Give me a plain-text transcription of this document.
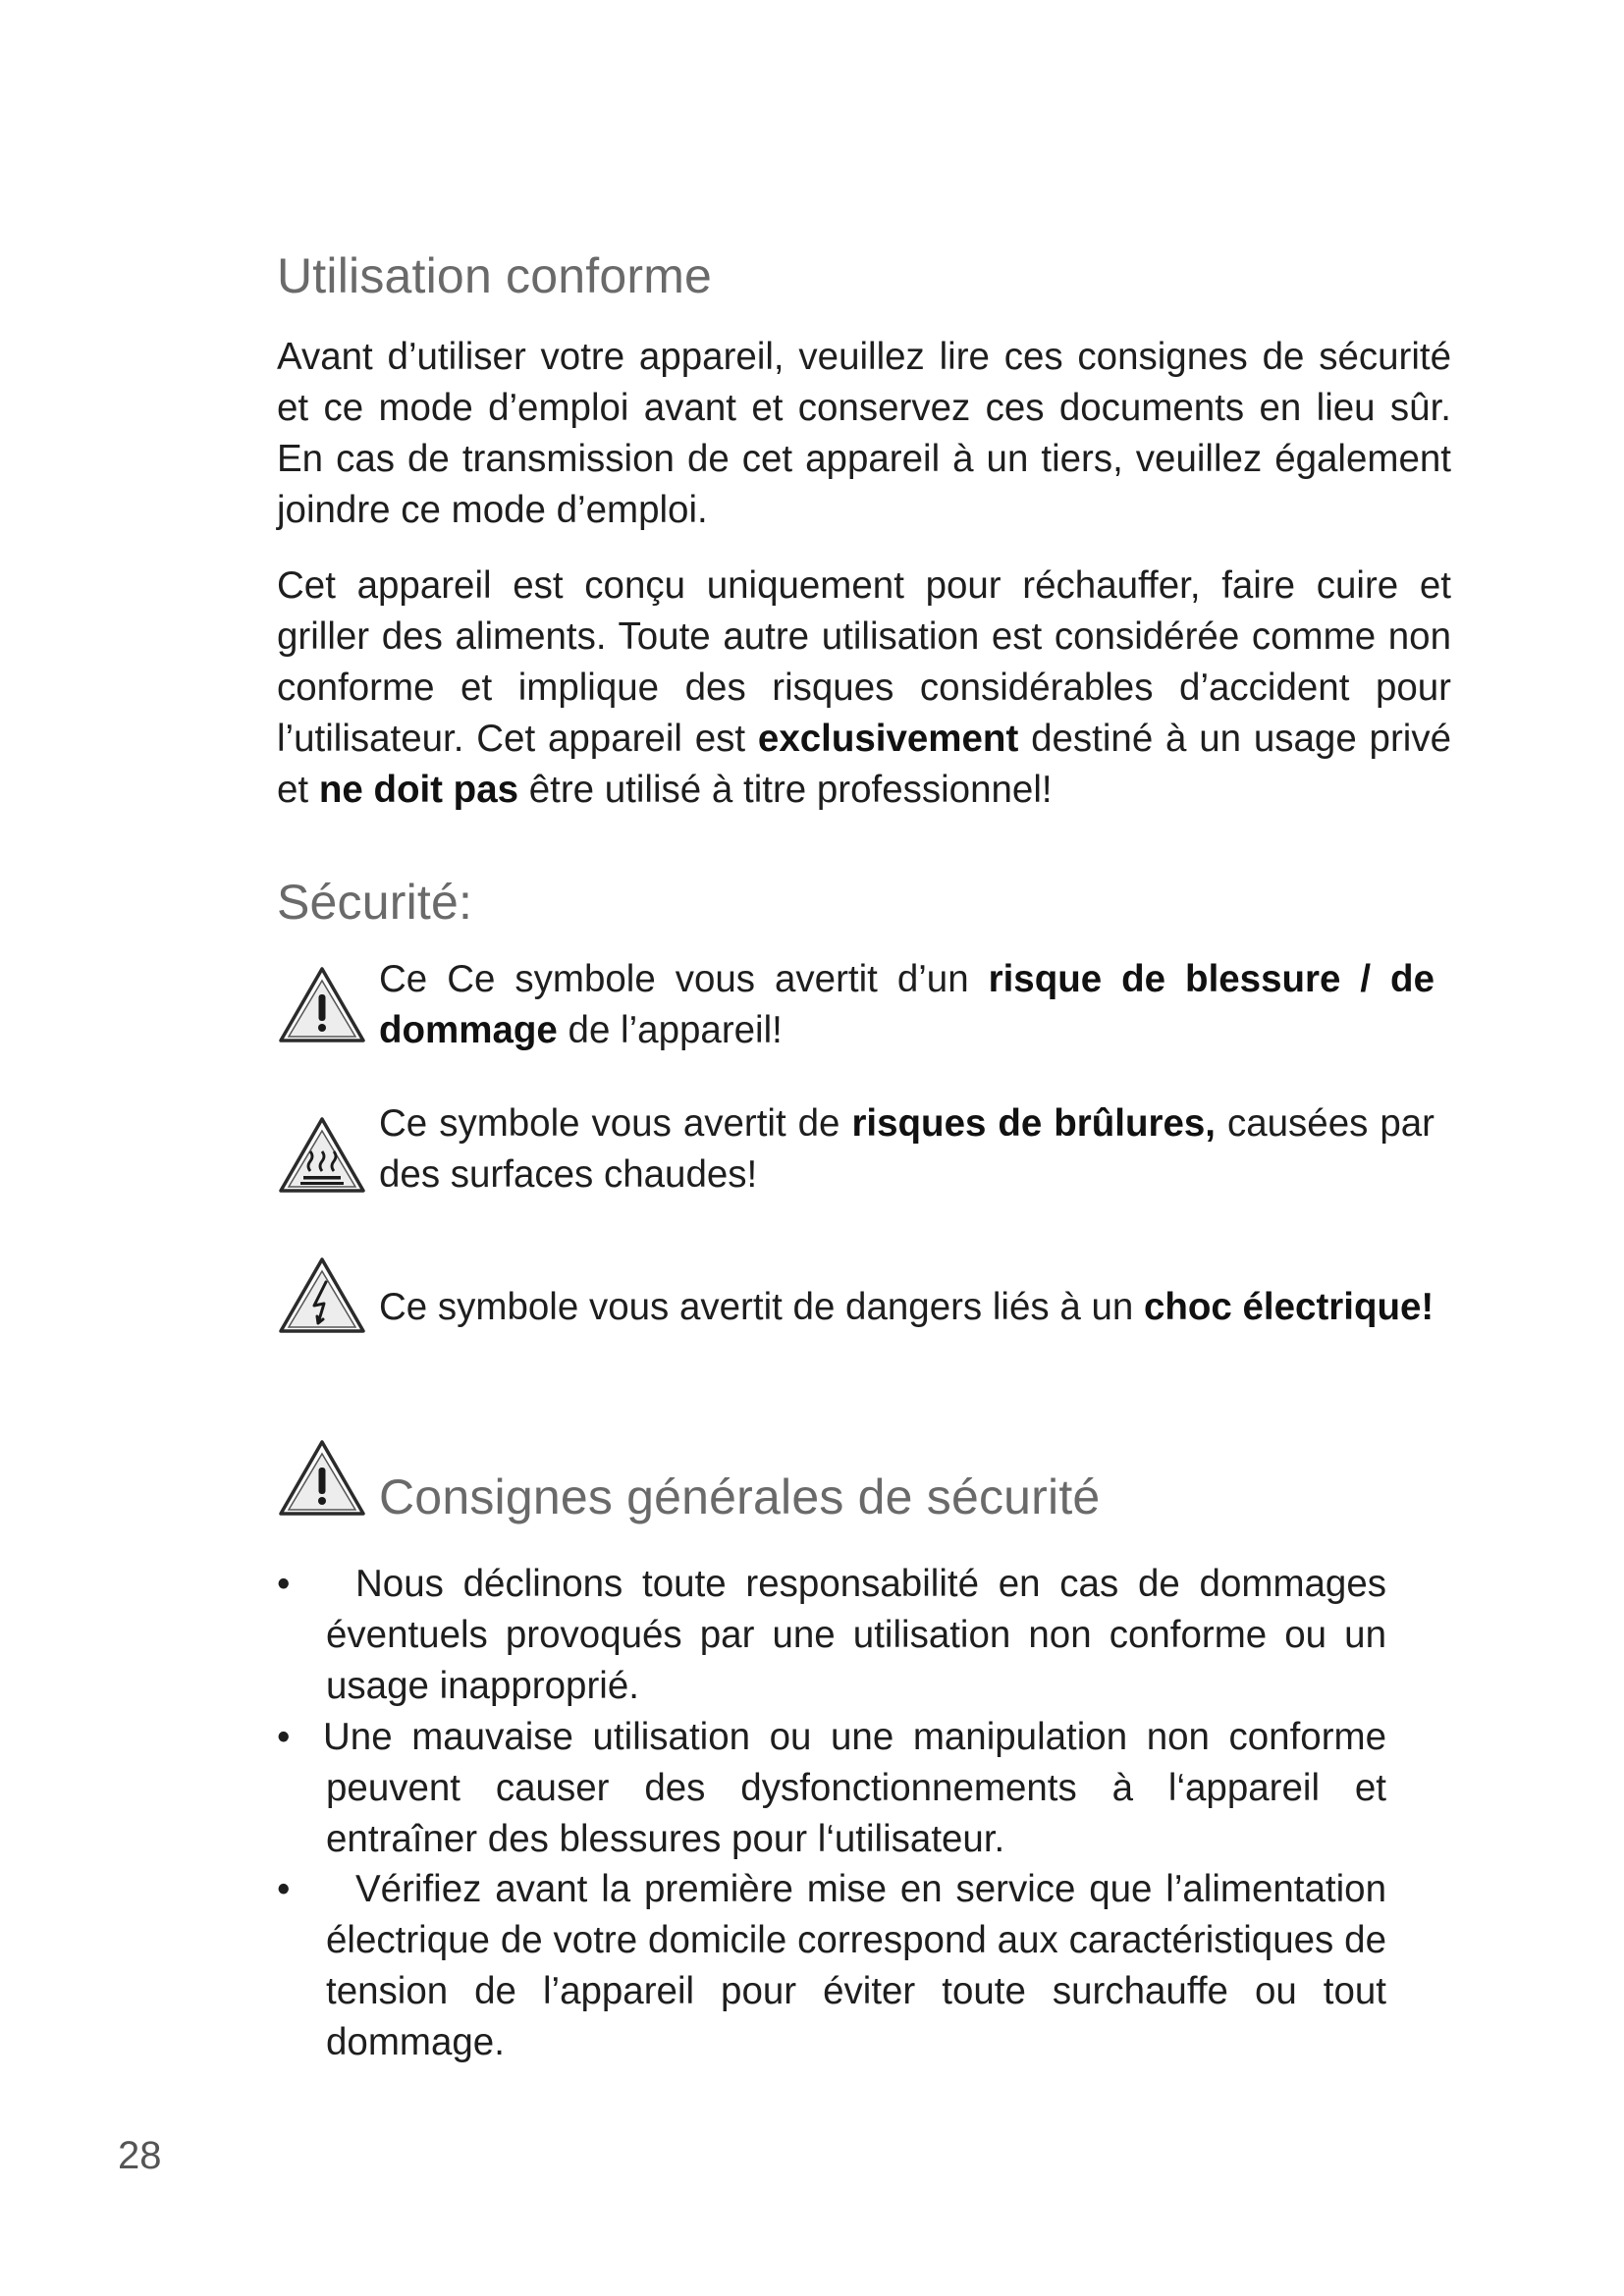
Utilisation conforme

Avant d’utiliser votre appareil, veuillez lire ces consignes de sécurité et ce mode d’emploi avant et conservez ces documents en lieu sûr. En cas de transmission de cet appareil à un tiers, veuillez également joindre ce mode d’emploi.

Cet appareil est conçu uniquement pour réchauffer, faire cuire et griller des aliments. Toute autre utilisation est considérée comme non conforme et implique des risques considérables d’accident pour l’utilisateur. Cet appareil est exclusivement destiné à un usage privé et ne doit pas être utilisé à titre professionnel!

Sécurité:

Ce Ce symbole vous avertit d’un risque de blessure / de dommage de l’appareil!

Ce symbole vous avertit de risques de brûlures, causées par des surfaces chaudes!

Ce symbole vous avertit de dangers liés à un choc électrique!

Consignes générales de sécurité
•	Nous déclinons toute responsabilité en cas de dommages éventuels provoqués par une utilisation non conforme ou un usage inapproprié.

• Une mauvaise utilisation ou une manipulation non conforme peuvent causer des dysfonctionnements à l‘appareil et entraîner des blessures pour l‘utilisateur.

•	Vérifiez avant la première mise en service que l’alimentation électrique de votre domicile correspond aux caractéristiques de tension de l’appareil pour éviter toute surchauffe ou tout dommage.

28
